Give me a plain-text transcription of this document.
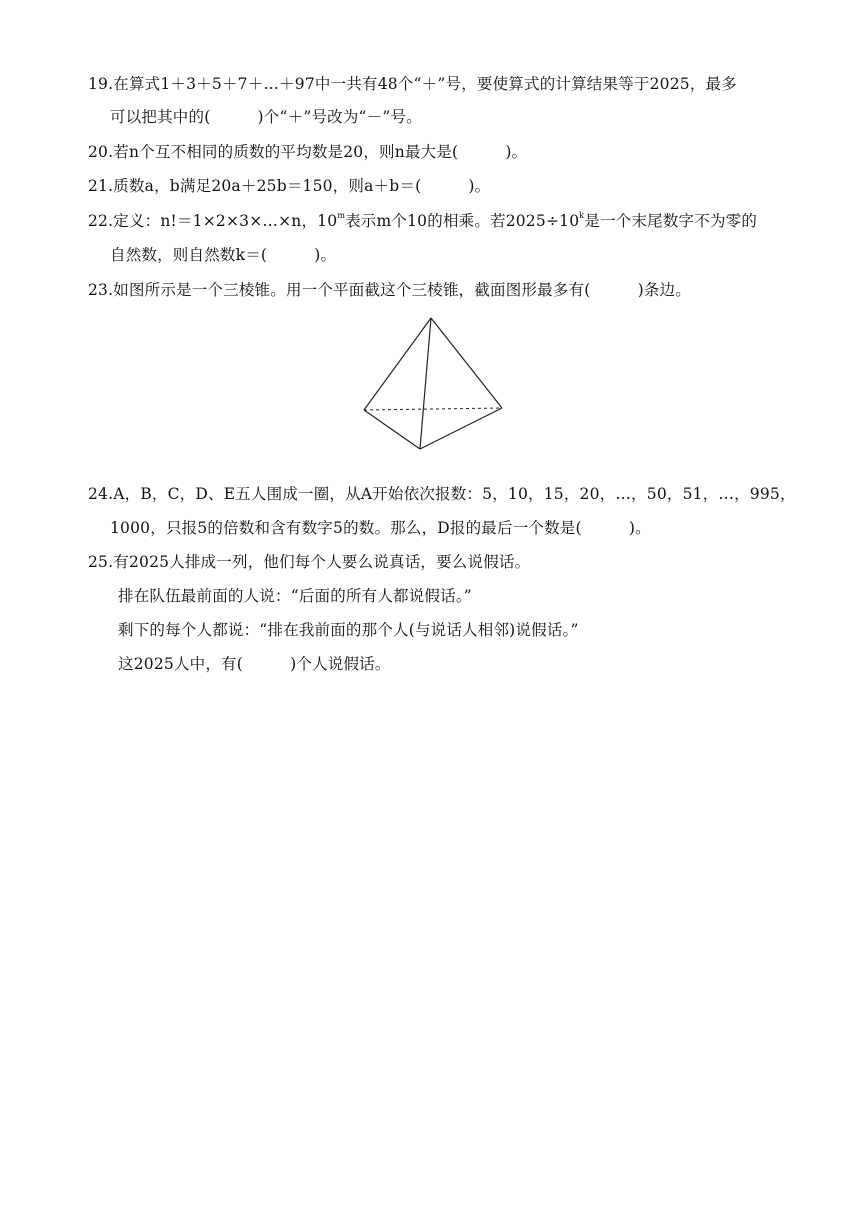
19.在算式1＋3＋5＋7＋…＋97中一共有48个“＋”号，要使算式的计算结果等于2025，最多
可以把其中的(　　　)个“＋”号改为“－”号。
20.若n个互不相同的质数的平均数是20，则n最大是(　　　)。
21.质数a，b满足20a＋25b＝150，则a＋b＝(　　　)。
22.定义：n!＝1×2×3×…×n，10$^m$表示m个10的相乘。若$2025\div 10^k$是一个末尾数字不为零的
自然数，则自然数k＝(　　　)。
23.如图所示是一个三棱锥。用一个平面截这个三棱锥，截面图形最多有(　　　)条边。
24.A，B，C，D、E五人围成一圈，从A开始依次报数：5，10，15，20，…，50，51，…，995，
1000，只报5的倍数和含有数字5的数。那么，D报的最后一个数是(　　　)。
25.有2025人排成一列，他们每个人要么说真话，要么说假话。
排在队伍最前面的人说：“后面的所有人都说假话。”
剩下的每个人都说：“排在我前面的那个人(与说话人相邻)说假话。”
这2025人中，有(　　　)个人说假话。
